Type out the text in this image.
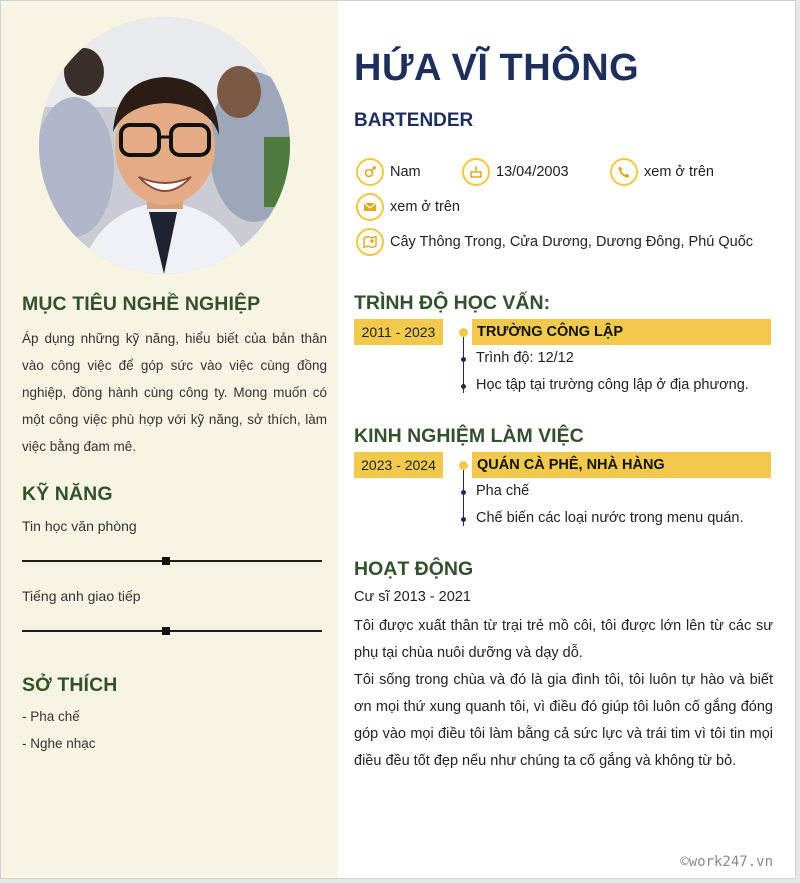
MỤC TIÊU NGHỀ NGHIỆP

Áp dụng những kỹ năng, hiểu biết của bản thân vào công việc để góp sức vào việc cùng đồng nghiệp, đồng hành cùng công ty. Mong muốn có một công việc phù hợp với kỹ năng, sở thích, làm việc bằng đam mê.

KỸ NĂNG
Tin học văn phòng
Tiếng anh giao tiếp
SỞ THÍCH
- Pha chế
- Nghe nhạc
HỨA VĨ THÔNG
BARTENDER
Nam	13/04/2003	xem ở trên
xem ở trên
Cây Thông Trong, Cửa Dương, Dương Đông, Phú Quốc
TRÌNH ĐỘ HỌC VẤN:
2011 - 2023	TRƯỜNG CÔNG LẬP
Trình độ: 12/12
Học tập tại trường công lập ở địa phương.
KINH NGHIỆM LÀM VIỆC
2023 - 2024	QUÁN CÀ PHÊ, NHÀ HÀNG
Pha chế
Chế biến các loại nước trong menu quán.
HOẠT ĐỘNG
Cư sĩ 2013 - 2021

Tôi được xuất thân từ trại trẻ mồ côi, tôi được lớn lên từ các sư phụ tại chùa nuôi dưỡng và dạy dỗ.

Tôi sống trong chùa và đó là gia đình tôi, tôi luôn tự hào và biết ơn mọi thứ xung quanh tôi, vì điều đó giúp tôi luôn cố gắng đóng góp vào mọi điều tôi làm bằng cả sức lực và trái tim vì tôi tin mọi điều đều tốt đẹp nếu như chúng ta cố gắng và không từ bỏ.

©work247.vn
